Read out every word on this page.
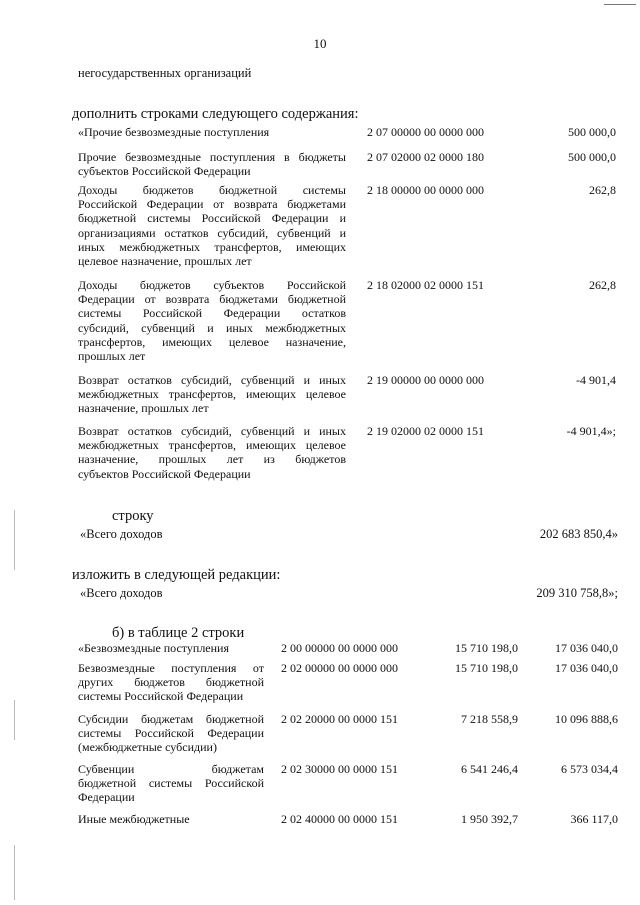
10
негосударственных организаций
дополнить строками следующего содержания:
«Прочие безвозмездные поступления	2 07 00000 00 0000 000	500 000,0
Прочие безвозмездные поступления в бюджеты
субъектов Российской Федерации
2 07 02000 02 0000 180	500 000,0
Доходы бюджетов бюджетной системы
Российской Федерации от возврата бюджетами
бюджетной системы Российской Федерации и
организациями остатков субсидий, субвенций и
иных межбюджетных трансфертов, имеющих
целевое назначение, прошлых лет
2 18 00000 00 0000 000	262,8
Доходы бюджетов субъектов Российской
Федерации от возврата бюджетами бюджетной
системы Российской Федерации остатков
субсидий, субвенций и иных межбюджетных
трансфертов, имеющих целевое назначение,
прошлых лет
2 18 02000 02 0000 151	262,8
Возврат остатков субсидий, субвенций и иных
межбюджетных трансфертов, имеющих целевое
назначение, прошлых лет
2 19 00000 00 0000 000	-4 901,4
Возврат остатков субсидий, субвенций и иных
межбюджетных трансфертов, имеющих целевое
назначение, прошлых лет из бюджетов
субъектов Российской Федерации
2 19 02000 02 0000 151	-4 901,4»;
строку
«Всего доходов	202 683 850,4»
изложить в следующей редакции:
«Всего доходов	209 310 758,8»;
б) в таблице 2 строки
«Безвозмездные поступления	2 00 00000 00 0000 000	15 710 198,0	17 036 040,0
Безвозмездные поступления от
других бюджетов бюджетной
системы Российской Федерации
2 02 00000 00 0000 000	15 710 198,0	17 036 040,0
Субсидии бюджетам бюджетной
системы Российской Федерации
(межбюджетные субсидии)
2 02 20000 00 0000 151	7 218 558,9	10 096 888,6
Субвенции бюджетам
бюджетной системы Российской
Федерации
2 02 30000 00 0000 151	6 541 246,4	6 573 034,4
Иные межбюджетные	2 02 40000 00 0000 151	1 950 392,7	366 117,0
